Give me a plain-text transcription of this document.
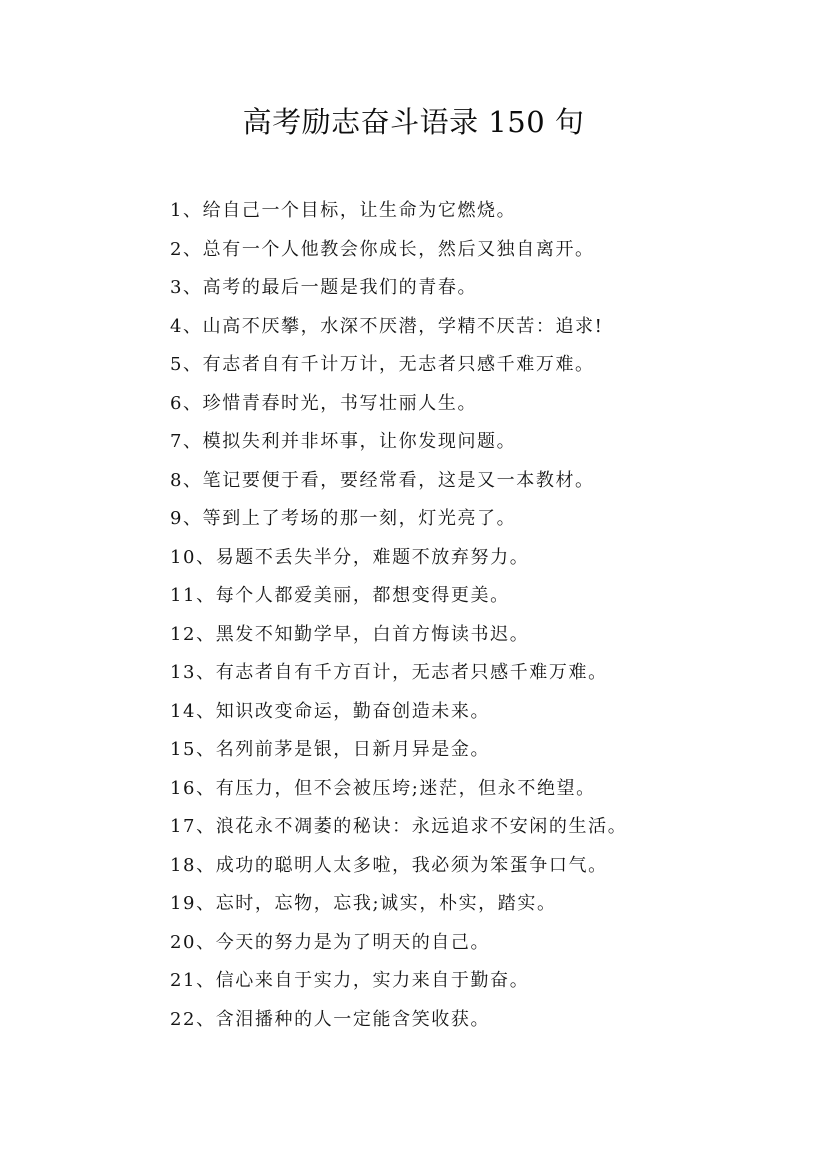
高考励志奋斗语录 150 句
1、给自己一个目标，让生命为它燃烧。
2、总有一个人他教会你成长，然后又独自离开。
3、高考的最后一题是我们的青春。
4、山高不厌攀，水深不厌潜，学精不厌苦：追求!
5、有志者自有千计万计，无志者只感千难万难。
6、珍惜青春时光，书写壮丽人生。
7、模拟失利并非坏事，让你发现问题。
8、笔记要便于看，要经常看，这是又一本教材。
9、等到上了考场的那一刻，灯光亮了。
10、易题不丢失半分，难题不放弃努力。
11、每个人都爱美丽，都想变得更美。
12、黑发不知勤学早，白首方悔读书迟。
13、有志者自有千方百计，无志者只感千难万难。
14、知识改变命运，勤奋创造未来。
15、名列前茅是银，日新月异是金。
16、有压力，但不会被压垮;迷茫，但永不绝望。
17、浪花永不凋萎的秘诀：永远追求不安闲的生活。
18、成功的聪明人太多啦，我必须为笨蛋争口气。
19、忘时，忘物，忘我;诚实，朴实，踏实。
20、今天的努力是为了明天的自己。
21、信心来自于实力，实力来自于勤奋。
22、含泪播种的人一定能含笑收获。
